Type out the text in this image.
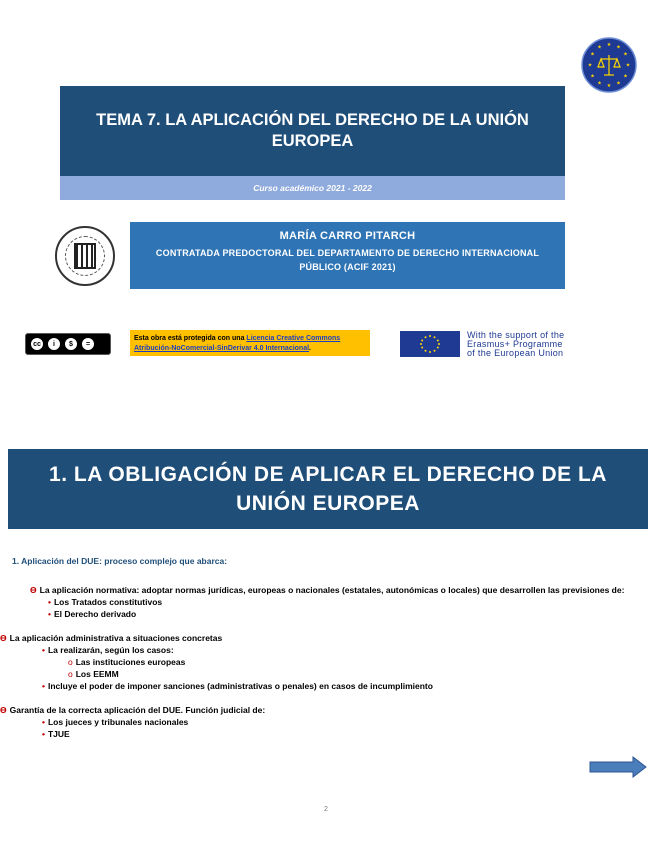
★ ★
★
★
★
★
★
★
★
★
★
★
TEMA 7. LA APLICACIÓN DEL DERECHO DE LA UNIÓN EUROPEA
Curso académico 2021 - 2022
MARÍA CARRO PITARCH
CONTRATADA PREDOCTORAL DEL DEPARTAMENTO DE DERECHO INTERNACIONAL PÚBLICO (ACIF 2021)
cc	i	$	=
Esta obra está protegida con una Licencia Creative Commons Atribución-NoComercial-SinDerivar 4.0 Internacional.
With the support of the
Erasmus+ Programme
of the European Union
1. LA OBLIGACIÓN DE APLICAR EL DERECHO DE LA UNIÓN EUROPEA
1. Aplicación del DUE: proceso complejo que abarca:

Ɵ La aplicación normativa: adoptar normas jurídicas, europeas o nacionales (estatales, autonómicas o locales) que desarrollen las previsiones de:

• Los Tratados constitutivos

• El Derecho derivado

Ɵ La aplicación administrativa a situaciones concretas

• La realizarán, según los casos:

o Las instituciones europeas

o Los EEMM

• Incluye el poder de imponer sanciones (administrativas o penales) en casos de incumplimiento

Ɵ Garantía de la correcta aplicación del DUE. Función judicial de:

• Los jueces y tribunales nacionales

• TJUE

2
